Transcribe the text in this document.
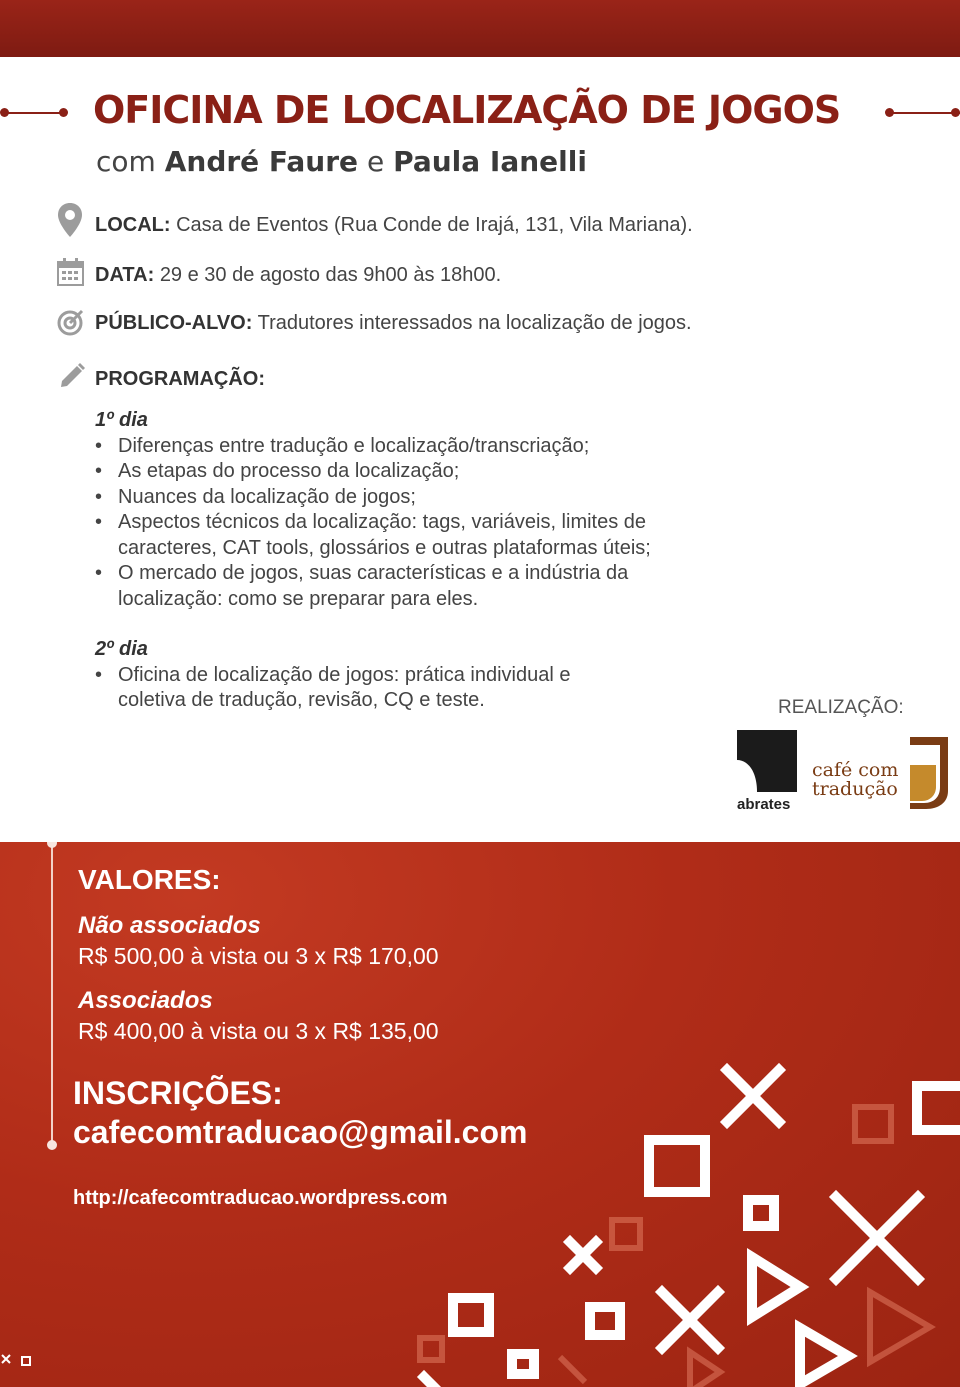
OFICINA DE LOCALIZAÇÃO DE JOGOS
com André Faure e Paula Ianelli
LOCAL: Casa de Eventos (Rua Conde de Irajá, 131, Vila Mariana).
DATA: 29 e 30 de agosto das 9h00 às 18h00.
PÚBLICO-ALVO: Tradutores interessados na localização de jogos.
PROGRAMAÇÃO:
1º dia
• Diferenças entre tradução e localização/transcriação;
• As etapas do processo da localização;
• Nuances da localização de jogos;
• Aspectos técnicos da localização: tags, variáveis, limites de caracteres, CAT tools, glossários e outras plataformas úteis;
• O mercado de jogos, suas características e a indústria da localização: como se preparar para eles.
2º dia
• Oficina de localização de jogos: prática individual e coletiva de tradução, revisão, CQ e teste.	REALIZAÇÃO:
abrates
café com
tradução
VALORES:
Não associados
R$ 500,00 à vista ou 3 x R$ 170,00
Associados
R$ 400,00 à vista ou 3 x R$ 135,00
INSCRIÇÕES:
cafecomtraducao@gmail.com
http://cafecomtraducao.wordpress.com
